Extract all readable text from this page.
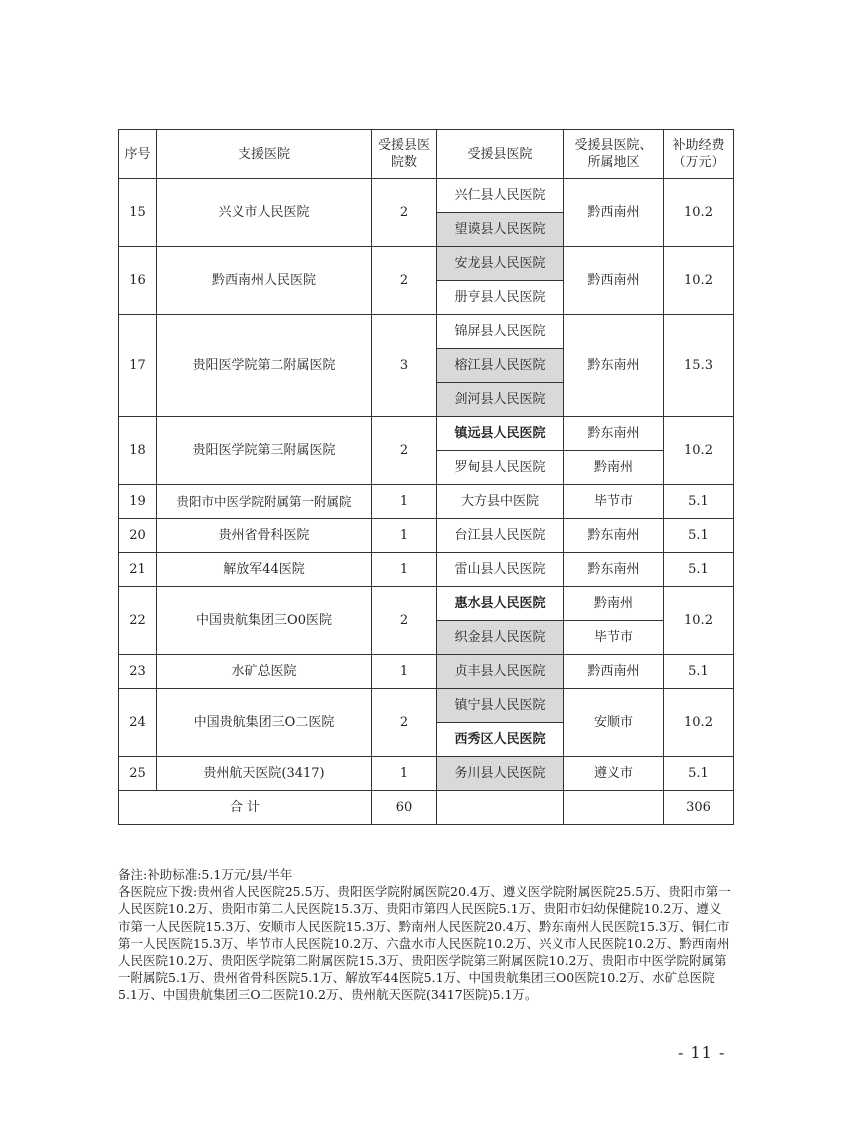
序号	支援医院	受援县医院数	受援县医院	受援县医院、所属地区	补助经费（万元）
15	兴义市人民医院	2	兴仁县人民医院	黔西南州	10.2
			望谟县人民医院		
16	黔西南州人民医院	2	安龙县人民医院	黔西南州	10.2
			册亨县人民医院		
17	贵阳医学院第二附属医院	3	锦屏县人民医院	黔东南州	15.3
			榕江县人民医院		
			剑河县人民医院		
18	贵阳医学院第三附属医院	2	镇远县人民医院	黔东南州	10.2
			罗甸县人民医院	黔南州	
19	贵阳市中医学院附属第一附属院	1	大方县中医院	毕节市	5.1
20	贵州省骨科医院	1	台江县人民医院	黔东南州	5.1
21	解放军44医院	1	雷山县人民医院	黔东南州	5.1
22	中国贵航集团三O0医院	2	惠水县人民医院	黔南州	10.2
			织金县人民医院	毕节市	
23	水矿总医院	1	贞丰县人民医院	黔西南州	5.1
24	中国贵航集团三O二医院	2	镇宁县人民医院	安顺市	10.2
			西秀区人民医院		
25	贵州航天医院(3417)	1	务川县人民医院	遵义市	5.1
合 计		60			306

备注:补助标准:5.1万元/县/半年

各医院应下拨:贵州省人民医院25.5万、贵阳医学院附属医院20.4万、遵义医学院附属医院25.5万、贵阳市第一人民医院10.2万、贵阳市第二人民医院15.3万、贵阳市第四人民医院5.1万、贵阳市妇幼保健院10.2万、遵义市第一人民医院15.3万、安顺市人民医院15.3万、黔南州人民医院20.4万、黔东南州人民医院15.3万、铜仁市第一人民医院15.3万、毕节市人民医院10.2万、六盘水市人民医院10.2万、兴义市人民医院10.2万、黔西南州人民医院10.2万、贵阳医学院第二附属医院15.3万、贵阳医学院第三附属医院10.2万、贵阳市中医学院附属第一附属院5.1万、贵州省骨科医院5.1万、解放军44医院5.1万、中国贵航集团三O0医院10.2万、水矿总医院5.1万、中国贵航集团三O二医院10.2万、贵州航天医院(3417医院)5.1万。

- 11 -
